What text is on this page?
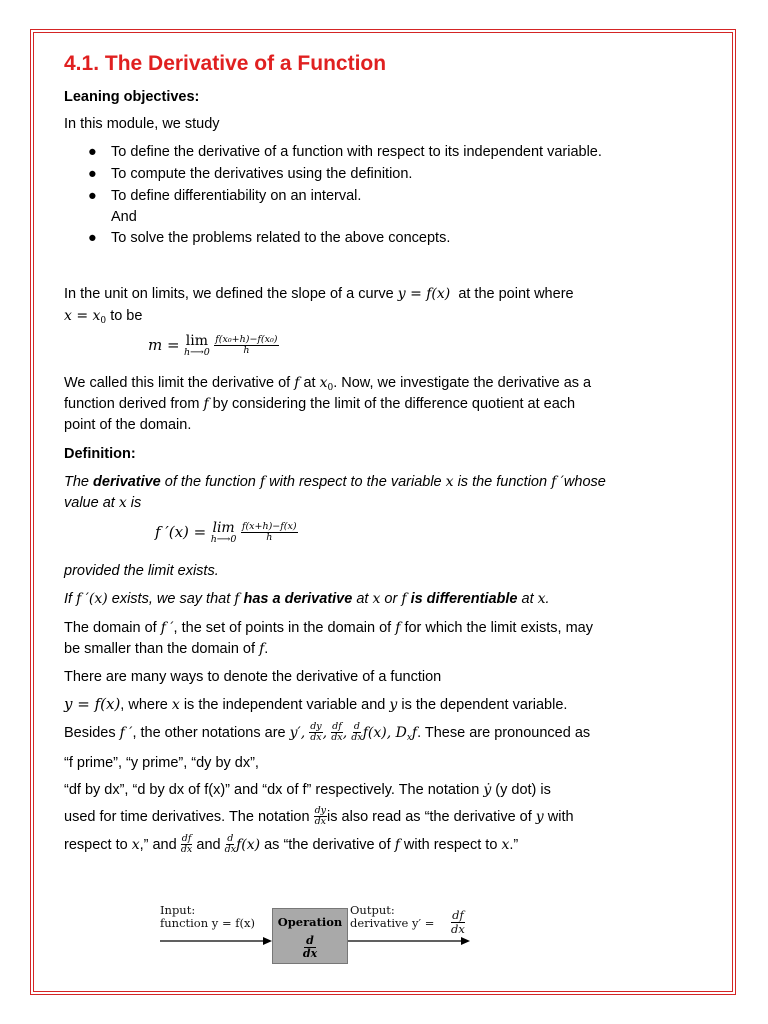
4.1. The Derivative of a Function
Leaning objectives:
In this module, we study
● To define the derivative of a function with respect to its independent variable.
● To compute the derivatives using the definition.
● To define differentiability on an interval.
And
● To solve the problems related to the above concepts.
In the unit on limits, we defined the slope of a curve y = f(x) at the point where
$x = x_0$ to be
m = lim
h⟶0
$\frac{\text{f(x₀+h)−f(x₀)}}{h}$
We called this limit the derivative of f at $x_0$. Now, we investigate the derivative as a
function derived from f by considering the limit of the difference quotient at each
point of the domain.
Definition:
The derivative of the function f with respect to the variable x is the function f ′whose
value at x is
f ′(x) = lim
h⟶0
$\frac{f(x+h)-f(x)}{h}$
provided the limit exists.
If f ′(x) exists, we say that f has a derivative at x or f is differentiable at x.
The domain of f ′, the set of points in the domain of f for which the limit exists, may
be smaller than the domain of f.
There are many ways to denote the derivative of a function
y = f(x), where x is the independent variable and y is the dependent variable.
Besides f ′, the other notations are y′, $\frac{dy}{dx}$ , $\frac{df}{dx}$ , $\frac{d}{dx} f(x)$, $D_xf$. These are pronounced as
“f prime”, “y prime”, “dy by dx”,
“df by dx”, “d by dx of f(x)” and “dx of f” respectively. The notation ẏ (y dot) is
used for time derivatives. The notation $\frac{dy}{dx}$ is also read as “the derivative of y with
respect to x,” and $\frac{df}{dx}$ and $\frac{d}{dx} f(x)$ as “the derivative of f with respect to x.”
Input:
function y = f(x)	Operation
$\frac{d}{dx}$
Output:
derivative y′ =
df
dx
